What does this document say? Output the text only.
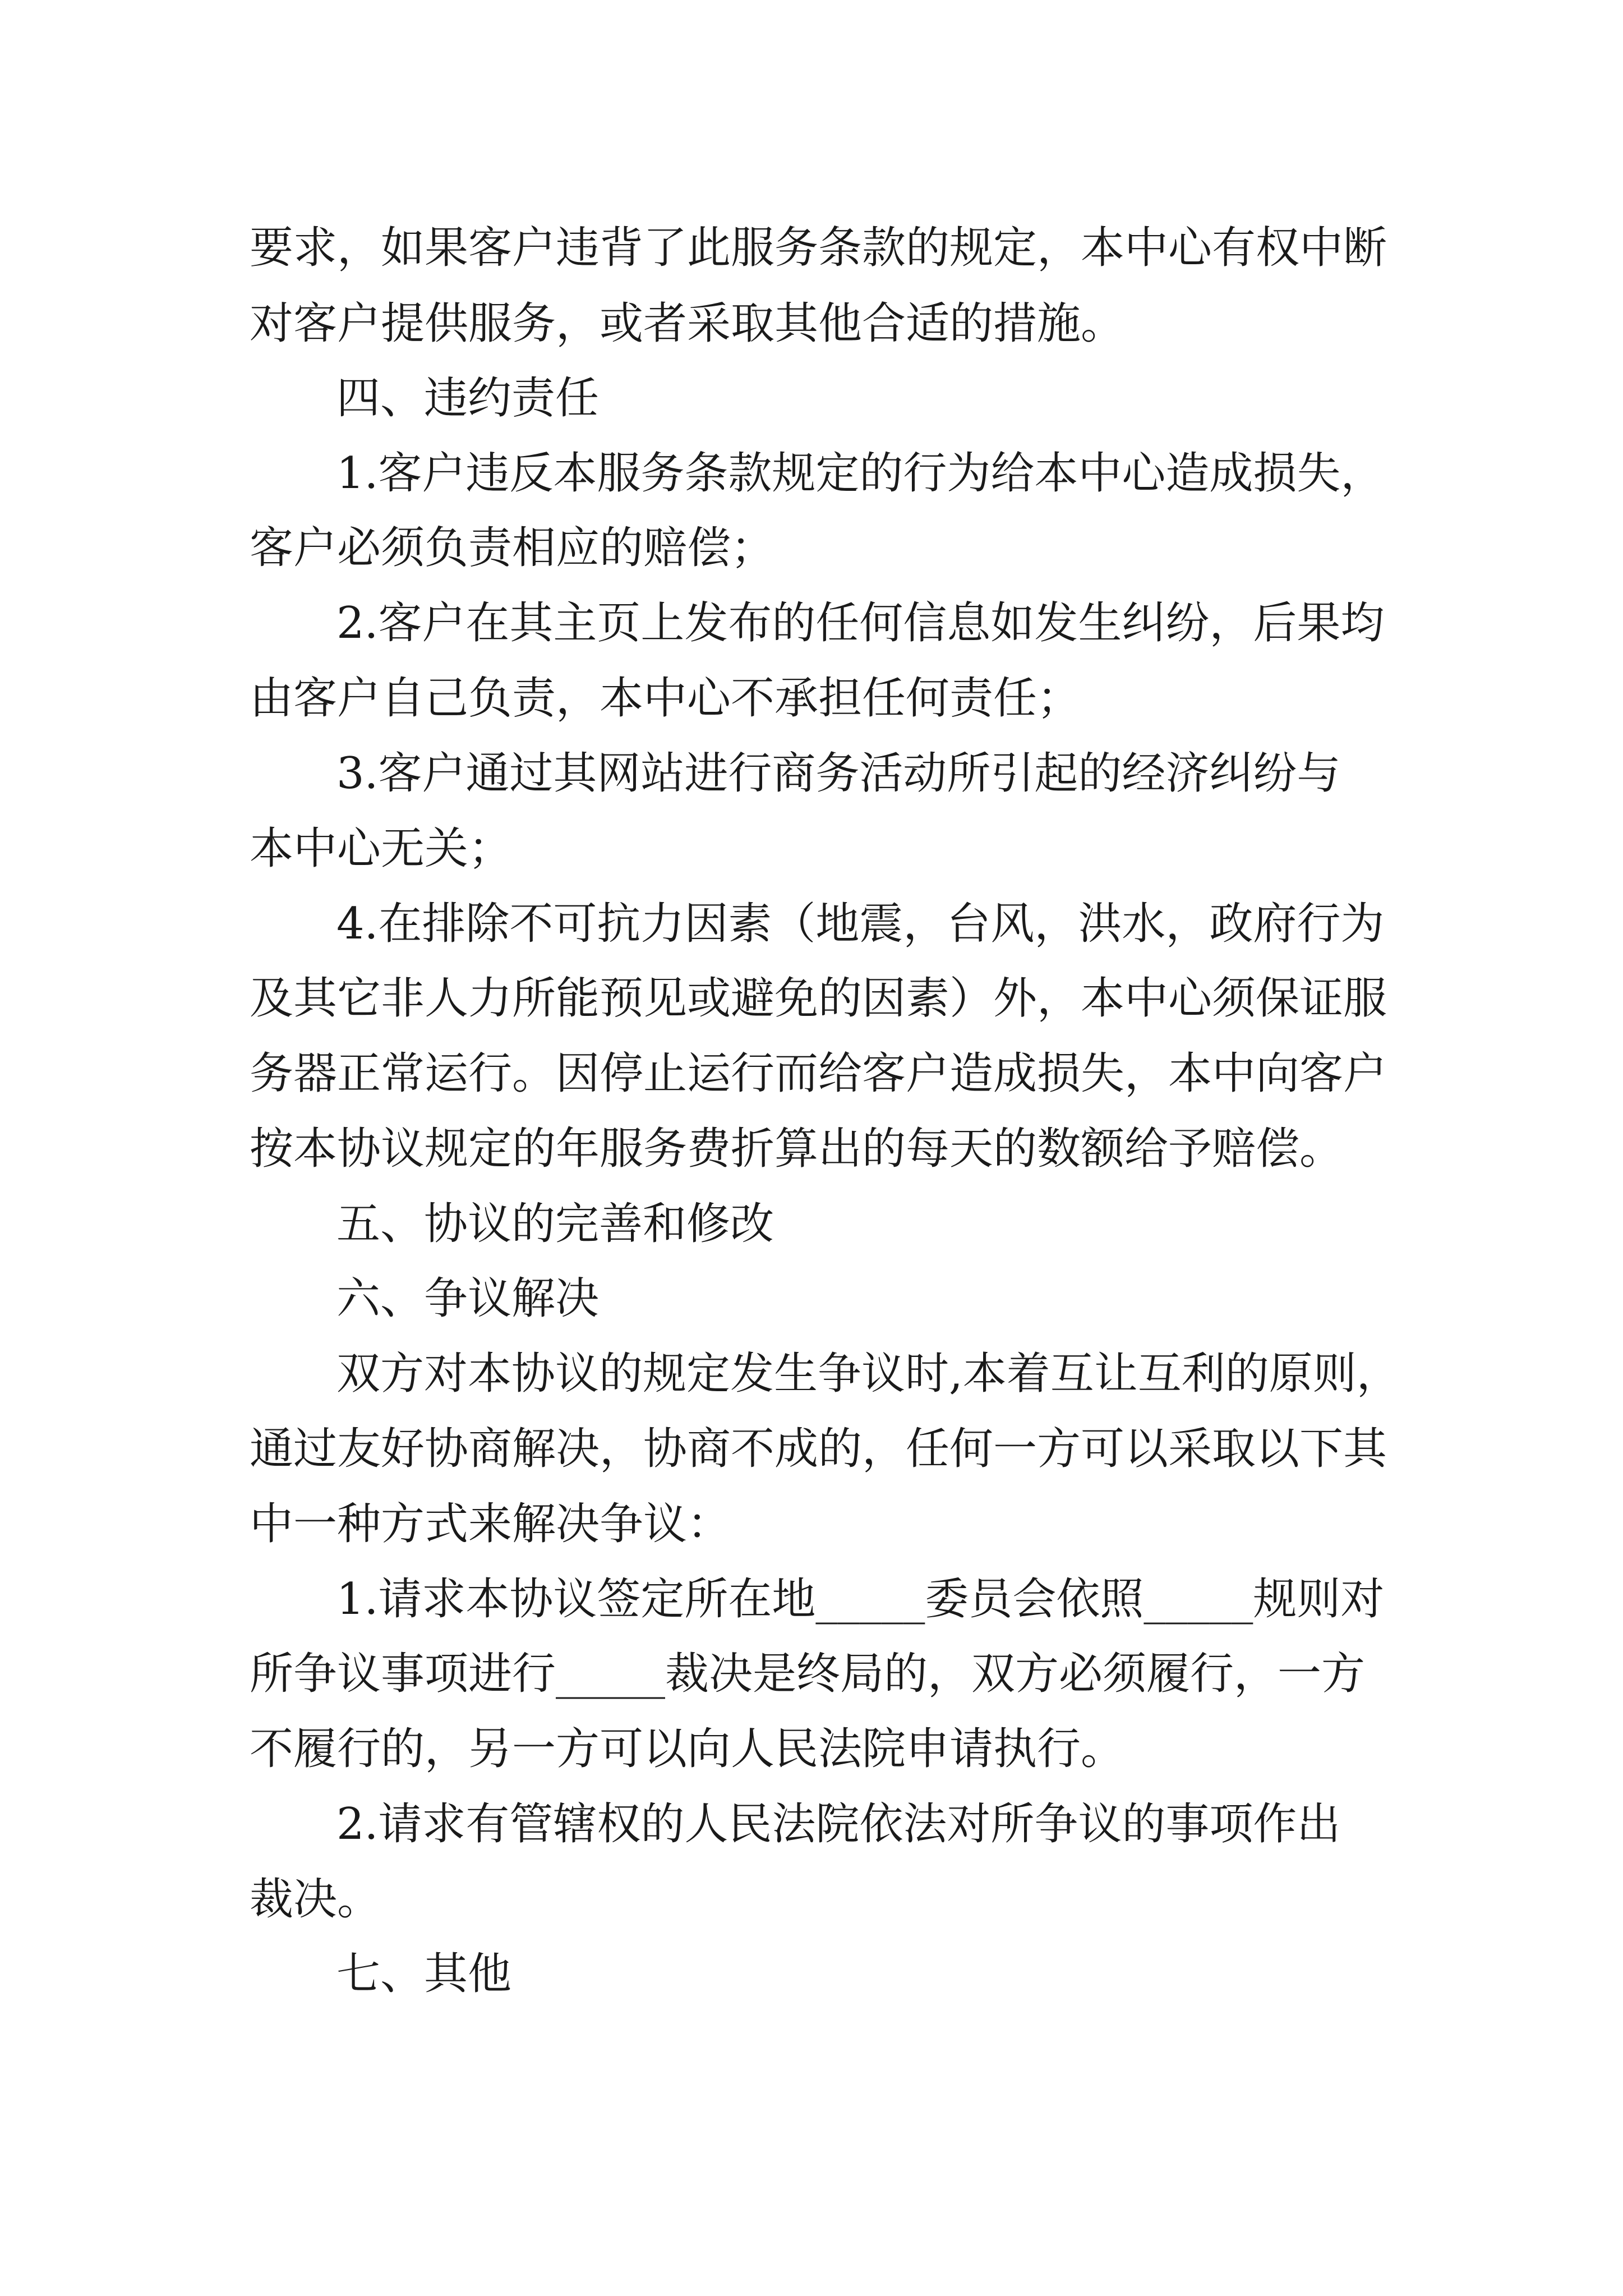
要求，如果客户违背了此服务条款的规定，本中心有权中断
对客户提供服务，或者采取其他合适的措施。
四、违约责任
1.客户违反本服务条款规定的行为给本中心造成损失，
客户必须负责相应的赔偿；
2.客户在其主页上发布的任何信息如发生纠纷，后果均
由客户自己负责，本中心不承担任何责任；
3.客户通过其网站进行商务活动所引起的经济纠纷与
本中心无关；
4.在排除不可抗力因素（地震，台风，洪水，政府行为
及其它非人力所能预见或避免的因素）外，本中心须保证服
务器正常运行。因停止运行而给客户造成损失，本中向客户
按本协议规定的年服务费折算出的每天的数额给予赔偿。
五、协议的完善和修改
六、争议解决
双方对本协议的规定发生争议时,本着互让互利的原则，
通过友好协商解决，协商不成的，任何一方可以采取以下其
中一种方式来解决争议：
1.请求本协议签定所在地_____委员会依照_____规则对
所争议事项进行_____裁决是终局的，双方必须履行，一方
不履行的，另一方可以向人民法院申请执行。
2.请求有管辖权的人民法院依法对所争议的事项作出
裁决。
七、其他
